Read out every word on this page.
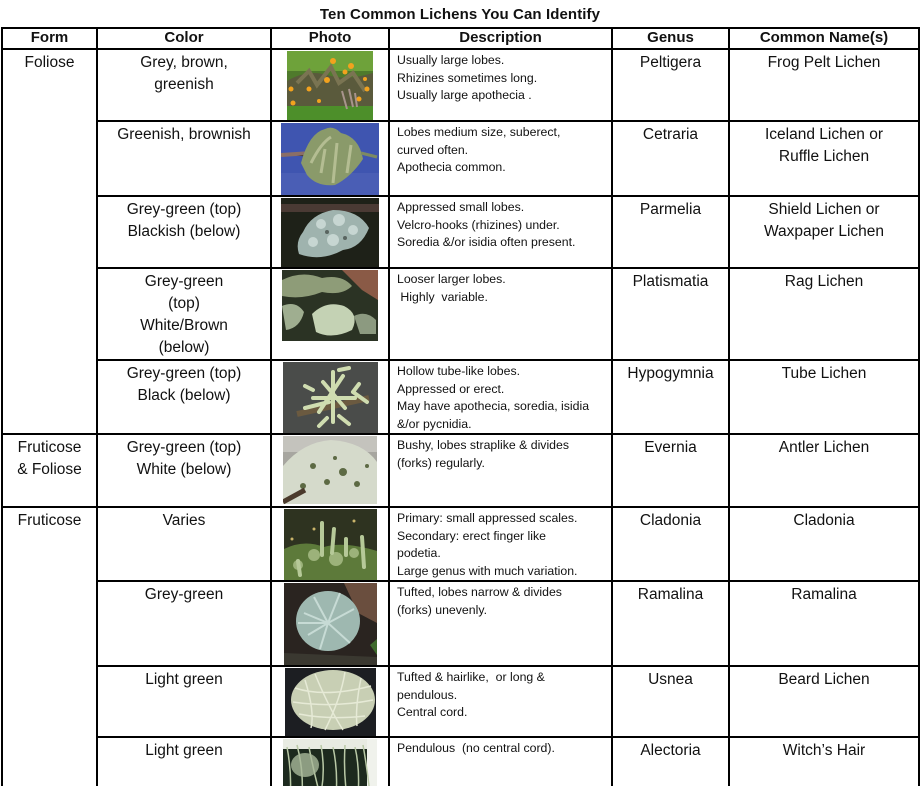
Ten Common Lichens You Can Identify
Form	Color	Photo	Description	Genus	Common Name(s)
Foliose	Grey, brown, greenish		Usually large lobes.
Rhizines sometimes long.
Usually large apothecia .	Peltigera	Frog Pelt Lichen
	Greenish, brownish		Lobes medium size, suberect,
curved often.
Apothecia common.	Cetraria	Iceland Lichen or Ruffle Lichen

	Grey-green (top) Blackish (below)		Appressed small lobes.
Velcro-hooks (rhizines) under.
Soredia &/or isidia often present.	Parmelia	Shield Lichen or Waxpaper Lichen

	Grey-green (top) White/Brown (below)		Looser larger lobes.
Highly  variable.	Platismatia	Rag Lichen

	Grey-green (top) Black (below)		Hollow tube-like lobes.
Appressed or erect.
May have apothecia, soredia, isidia
&/or pycnidia.	Hypogymnia	Tube Lichen

Fruticose & Foliose	Grey-green (top) White (below)		Bushy, lobes straplike & divides
(forks) regularly.	Evernia	Antler Lichen
Fruticose	Varies		Primary: small appressed scales.
Secondary: erect finger like
podetia.
Large genus with much variation.	Cladonia	Cladonia
	Grey-green		Tufted, lobes narrow & divides
(forks) unevenly.	Ramalina	Ramalina
	Light green		Tufted & hairlike,  or long &
pendulous.
Central cord.	Usnea	Beard Lichen
	Light green		Pendulous  (no central cord).	Alectoria	Witch’s Hair
